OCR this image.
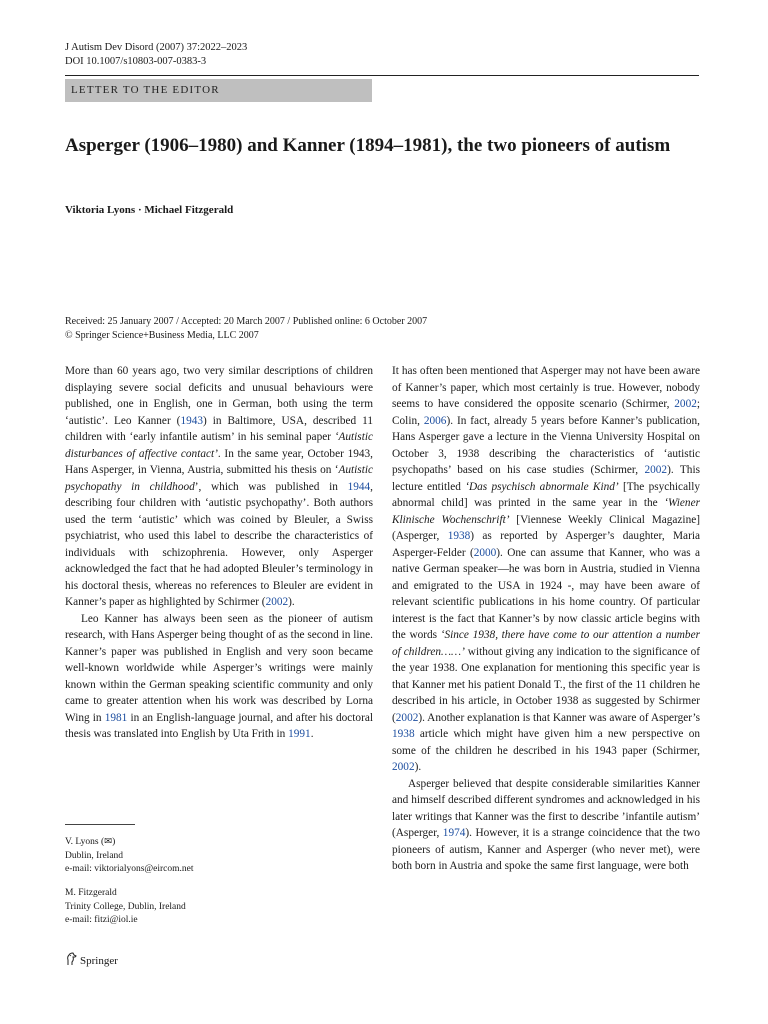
J Autism Dev Disord (2007) 37:2022–2023
DOI 10.1007/s10803-007-0383-3
LETTER TO THE EDITOR
Asperger (1906–1980) and Kanner (1894–1981), the two pioneers of autism
Viktoria Lyons · Michael Fitzgerald
Received: 25 January 2007 / Accepted: 20 March 2007 / Published online: 6 October 2007
© Springer Science+Business Media, LLC 2007

More than 60 years ago, two very similar descriptions of children displaying severe social deficits and unusual behaviours were published, one in English, one in German, both using the term ‘autistic’. Leo Kanner (1943) in Baltimore, USA, described 11 children with ‘early infantile autism’ in his seminal paper ‘Autistic disturbances of affective contact’. In the same year, October 1943, Hans Asperger, in Vienna, Austria, submitted his thesis on ‘Autistic psychopathy in childhood’, which was published in 1944, describing four children with ‘autistic psychopathy’. Both authors used the term ‘autistic’ which was coined by Bleuler, a Swiss psychiatrist, who used this label to describe the characteristics of individuals with schizophrenia. However, only Asperger acknowledged the fact that he had adopted Bleuler’s terminology in his doctoral thesis, whereas no references to Bleuler are evident in Kanner’s paper as highlighted by Schirmer (2002).

Leo Kanner has always been seen as the pioneer of autism research, with Hans Asperger being thought of as the second in line. Kanner’s paper was published in English and very soon became well-known worldwide while Asperger’s writings were mainly known within the German speaking scientific community and only came to greater attention when his work was described by Lorna Wing in 1981 in an English-language journal, and after his doctoral thesis was translated into English by Uta Frith in 1991.

It has often been mentioned that Asperger may not have been aware of Kanner’s paper, which most certainly is true. However, nobody seems to have considered the opposite scenario (Schirmer, 2002; Colin, 2006). In fact, already 5 years before Kanner’s publication, Hans Asperger gave a lecture in the Vienna University Hospital on October 3, 1938 describing the characteristics of ‘autistic psychopaths’ based on his case studies (Schirmer, 2002). This lecture entitled ‘Das psychisch abnormale Kind’ [The psychically abnormal child] was printed in the same year in the ‘Wiener Klinische Wochenschrift’ [Viennese Weekly Clinical Magazine] (Asperger, 1938) as reported by Asperger’s daughter, Maria Asperger-Felder (2000). One can assume that Kanner, who was a native German speaker—he was born in Austria, studied in Vienna and emigrated to the USA in 1924 -, may have been aware of relevant scientific publications in his home country. Of particular interest is the fact that Kanner’s by now classic article begins with the words ‘Since 1938, there have come to our attention a number of children……’ without giving any indication to the significance of the year 1938. One explanation for mentioning this specific year is that Kanner met his patient Donald T., the first of the 11 children he described in his article, in October 1938 as suggested by Schirmer (2002). Another explanation is that Kanner was aware of Asperger’s 1938 article which might have given him a new perspective on some of the children he described in his 1943 paper (Schirmer, 2002).

Asperger believed that despite considerable similarities Kanner and himself described different syndromes and acknowledged in his later writings that Kanner was the first to describe ’infantile autism’ (Asperger, 1974). However, it is a strange coincidence that the two pioneers of autism, Kanner and Asperger (who never met), were both born in Austria and spoke the same first language, were both

V. Lyons (✉)
Dublin, Ireland
e-mail: viktorialyons@eircom.net
M. Fitzgerald
Trinity College, Dublin, Ireland
e-mail: fitzi@iol.ie
Springer
